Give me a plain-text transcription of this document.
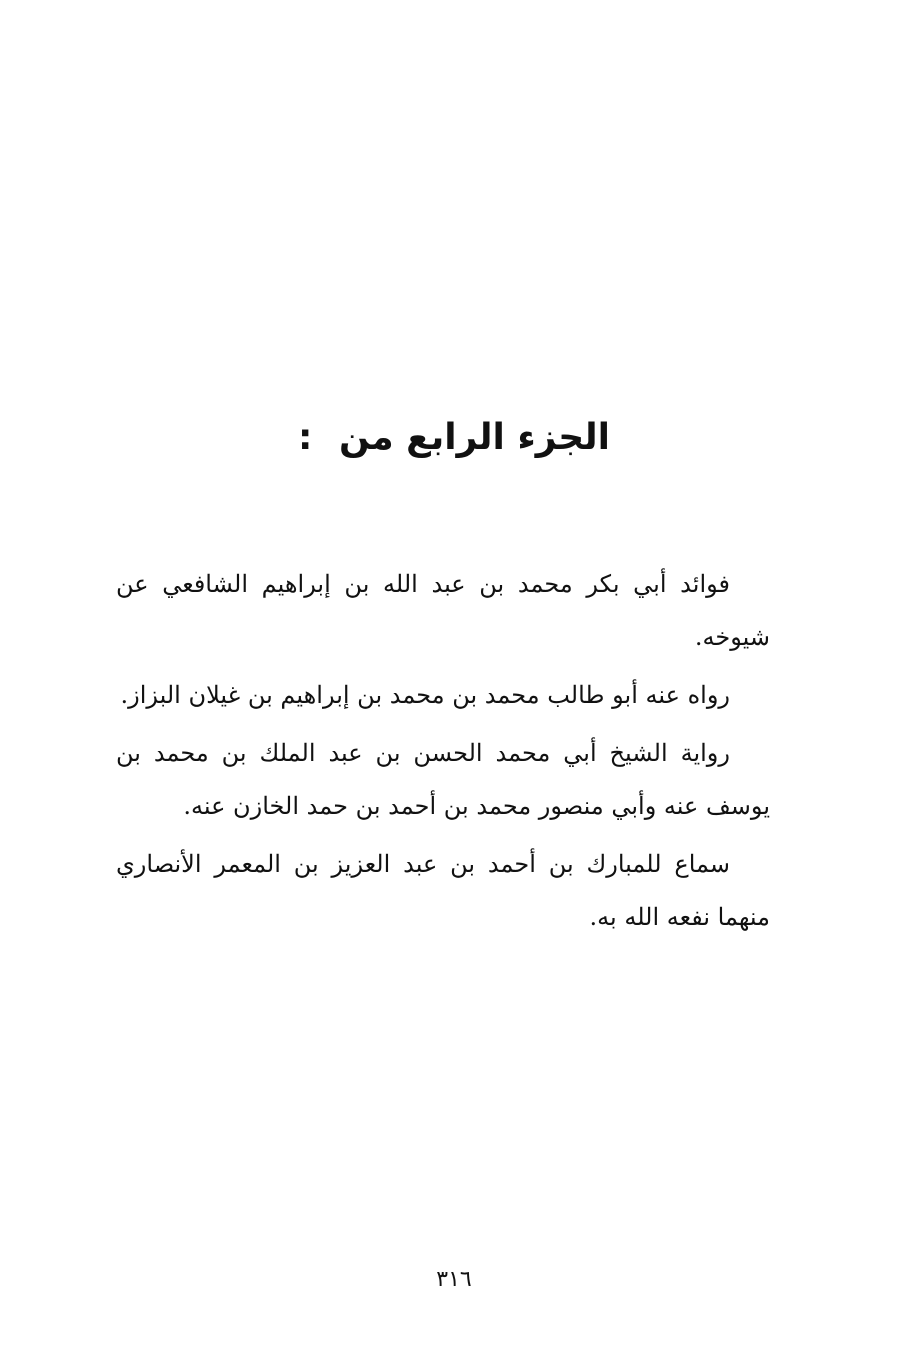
الجزء الرابع من :

فوائد أبي بكر محمد بن عبد الله بن إبراهيم الشافعي عن شيوخه.

رواه عنه أبو طالب محمد بن محمد بن إبراهيم بن غيلان البزاز.

رواية الشيخ أبي محمد الحسن بن عبد الملك بن محمد بن يوسف عنه وأبي منصور محمد بن أحمد بن حمد الخازن عنه.

سماع للمبارك بن أحمد بن عبد العزيز بن المعمر الأنصاري منهما نفعه الله به.

٣١٦
